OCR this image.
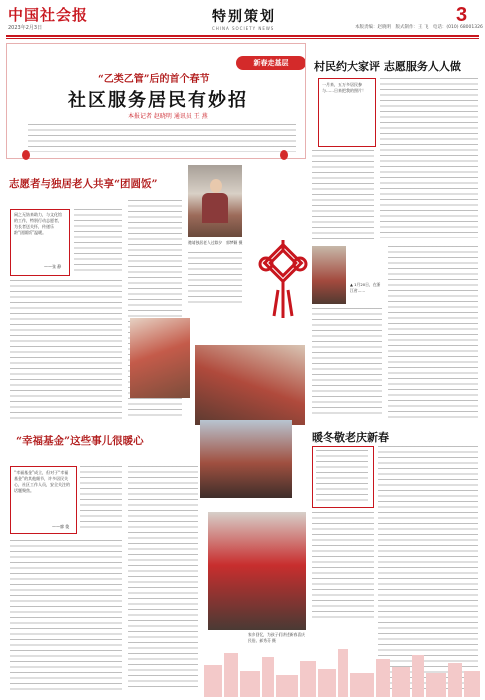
中国社会报
2023年2月3日
特别策划
CHINA SOCIETY NEWS	本版责编：赵晓明　版式制作：王 飞　电话：(010) 68001326
3
新春走基层
“乙类乙管”后的首个春节
社区服务居民有妙招
本报记者 赵晓明 通讯员 王 燕
志愿者与独居老人共享“团圆饭”
闲之无妨来助力，与文化馆的工作，特别行动志愿者，为长者送关怀，传递乐龄“团圆饭”温暖。
——张 静
“幸福基金”这些事儿很暖心
“幸福基金”成立，但对于“幸福基金”的其他细节，许多居民关心，社区工作人员，安全关注的话题聚焦。
——廖 俊
邀请独居老人过除夕　郭梦颖 摄
村民约大家评 志愿服务人人做
一月来，五万多居民参与……日来把我的照片！
▲ 1月20日，在浙江省……
暖冬敬老庆新春
家乡回忆，为孩子们讲述新春喜庆民俗。郝秀芬 摄
